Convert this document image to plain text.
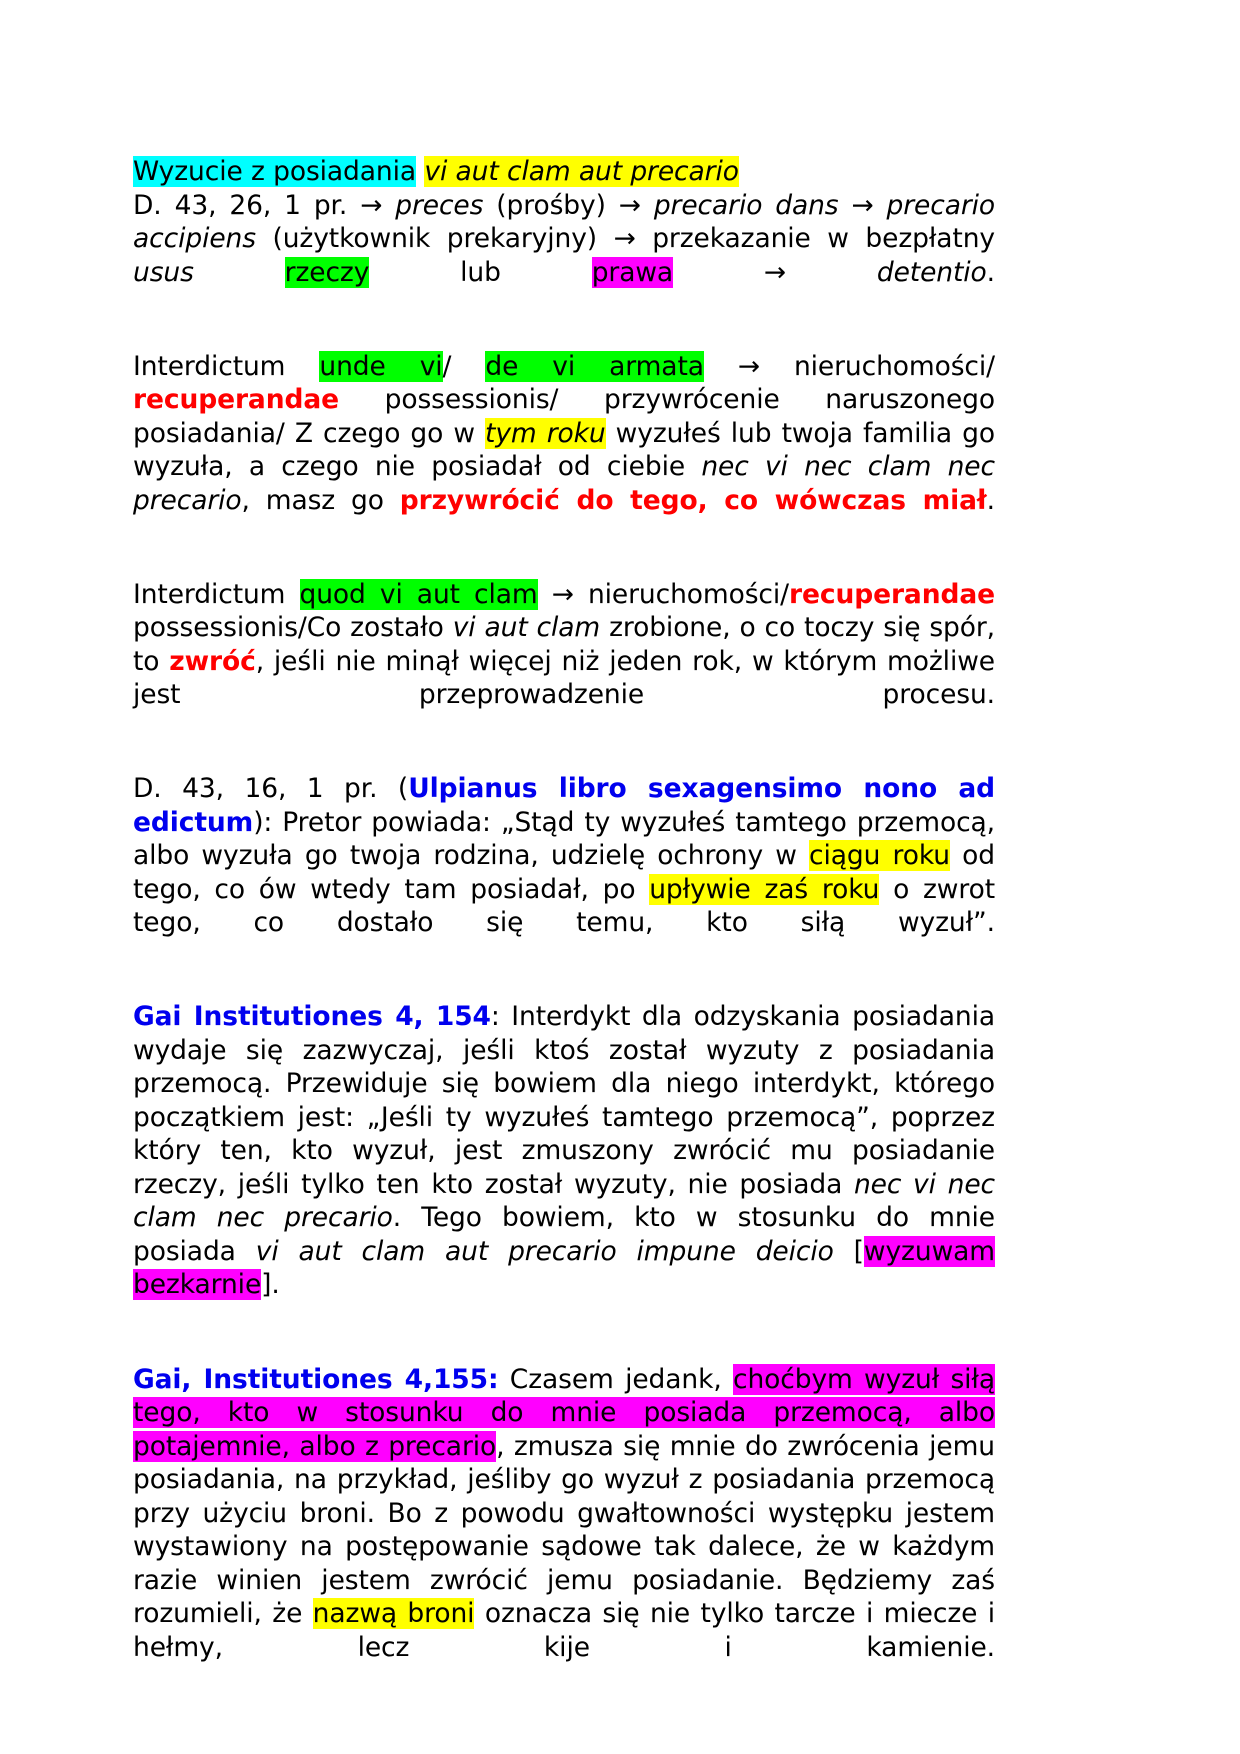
Wyzucie z posiadania vi aut clam aut precario
D. 43, 26, 1 pr. → preces (prośby) → precario dans → precario accipiens (użytkownik prekaryjny) → przekazanie w bezpłatny usus rzeczy lub prawa → detentio.

Interdictum unde vi/ de vi armata → nieruchomości/ recuperandae possessionis/ przywrócenie naruszonego posiadania/ Z czego go w tym roku wyzułeś lub twoja familia go wyzuła, a czego nie posiadał od ciebie nec vi nec clam nec precario, masz go przywrócić do tego, co wówczas miał.

Interdictum quod vi aut clam → nieruchomości/recuperandae possessionis/Co zostało vi aut clam zrobione, o co toczy się spór, to zwróć, jeśli nie minął więcej niż jeden rok, w którym możliwe jest przeprowadzenie procesu.

D. 43, 16, 1 pr. (Ulpianus libro sexagensimo nono ad edictum): Pretor powiada: „Stąd ty wyzułeś tamtego przemocą, albo wyzuła go twoja rodzina, udzielę ochrony w ciągu roku od tego, co ów wtedy tam posiadał, po upływie zaś roku o zwrot tego, co dostało się temu, kto siłą wyzuł”.

Gai Institutiones 4, 154: Interdykt dla odzyskania posiadania wydaje się zazwyczaj, jeśli ktoś został wyzuty z posiadania przemocą. Przewiduje się bowiem dla niego interdykt, którego początkiem jest: „Jeśli ty wyzułeś tamtego przemocą”, poprzez który ten, kto wyzuł, jest zmuszony zwrócić mu posiadanie rzeczy, jeśli tylko ten kto został wyzuty, nie posiada nec vi nec clam nec precario. Tego bowiem, kto w stosunku do mnie posiada vi aut clam aut precario impune deicio [wyzuwam bezkarnie].

Gai, Institutiones 4,155: Czasem jedank, choćbym wyzuł siłą tego, kto w stosunku do mnie posiada przemocą, albo potajemnie, albo z precario, zmusza się mnie do zwrócenia jemu posiadania, na przykład, jeśliby go wyzuł z posiadania przemocą przy użyciu broni. Bo z powodu gwałtowności występku jestem wystawiony na postępowanie sądowe tak dalece, że w każdym razie winien jestem zwrócić jemu posiadanie. Będziemy zaś rozumieli, że nazwą broni oznacza się nie tylko tarcze i miecze i hełmy, lecz kije i kamienie.
